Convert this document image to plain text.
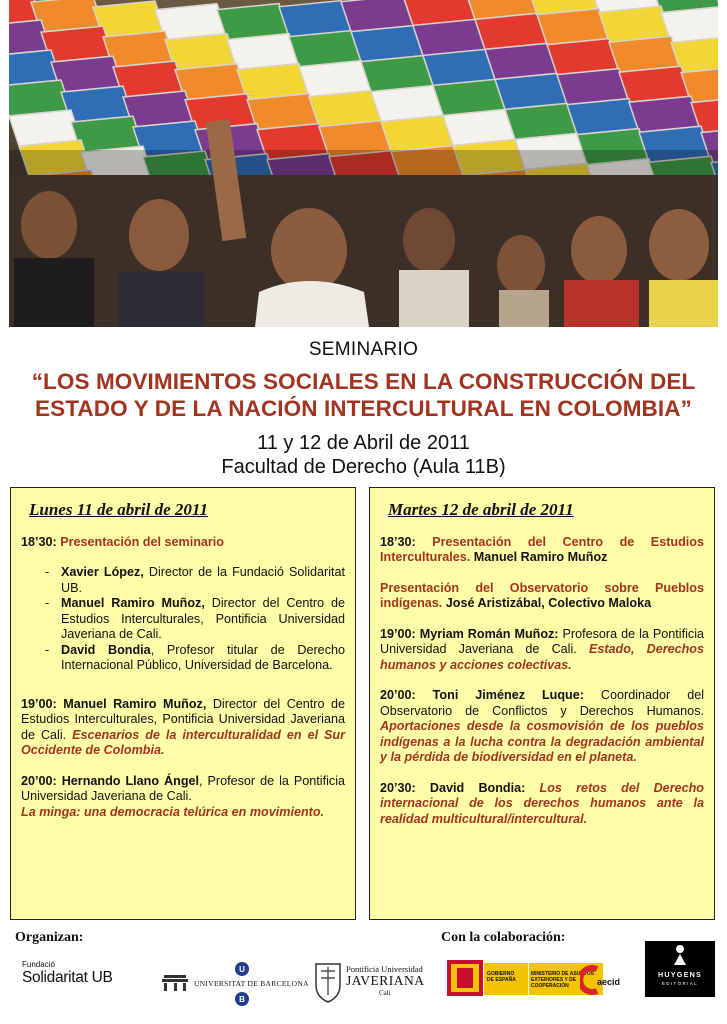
SEMINARIO
“LOS MOVIMIENTOS SOCIALES EN LA CONSTRUCCIÓN DEL
ESTADO Y DE LA NACIÓN INTERCULTURAL EN COLOMBIA”
11 y 12 de Abril de 2011
Facultad de Derecho (Aula 11B)
Lunes 11 de abril de 2011
18’30: Presentación del seminario
- Xavier López, Director de la Fundació Solidaritat UB.
- Manuel Ramiro Muñoz, Director del Centro de Estudios Interculturales, Pontificia Universidad Javeriana de Cali.
- David Bondia, Profesor titular de Derecho Internacional Público, Universidad de Barcelona.
19’00: Manuel Ramiro Muñoz, Director del Centro de Estudios Interculturales, Pontificia Universidad Javeriana de Cali. Escenarios de la interculturalidad en el Sur Occidente de Colombia.
20’00: Hernando Llano Ángel, Profesor de la Pontificia Universidad Javeriana de Cali.
La minga: una democracia telúrica en movimiento.
Martes 12 de abril de 2011
18’30: Presentación del Centro de Estudios Interculturales. Manuel Ramiro Muñoz
Presentación del Observatorio sobre Pueblos indígenas. José Aristizábal, Colectivo Maloka
19’00: Myriam Román Muñoz: Profesora de la Pontificia Universidad Javeriana de Cali. Estado, Derechos humanos y acciones colectivas.
20’00: Toni Jiménez Luque: Coordinador del Observatorio de Conflictos y Derechos Humanos. Aportaciones desde la cosmovisión de los pueblos indígenas a la lucha contra la degradación ambiental y la pérdida de biodiversidad en el planeta.
20’30: David Bondia: Los retos del Derecho internacional de los derechos humanos ante la realidad multicultural/intercultural.
Organizan:	Con la colaboración:
Fundació
Solidaritat UB	U
B
UNIVERSITAT DE BARCELONA
Pontificia Universidad
JAVERIANA
Cali
GOBIERNO DE ESPAÑA
MINISTERIO DE ASUNTOS EXTERIORES Y DE COOPERACIÓN	aecid
HUYGENS
EDITORIAL
